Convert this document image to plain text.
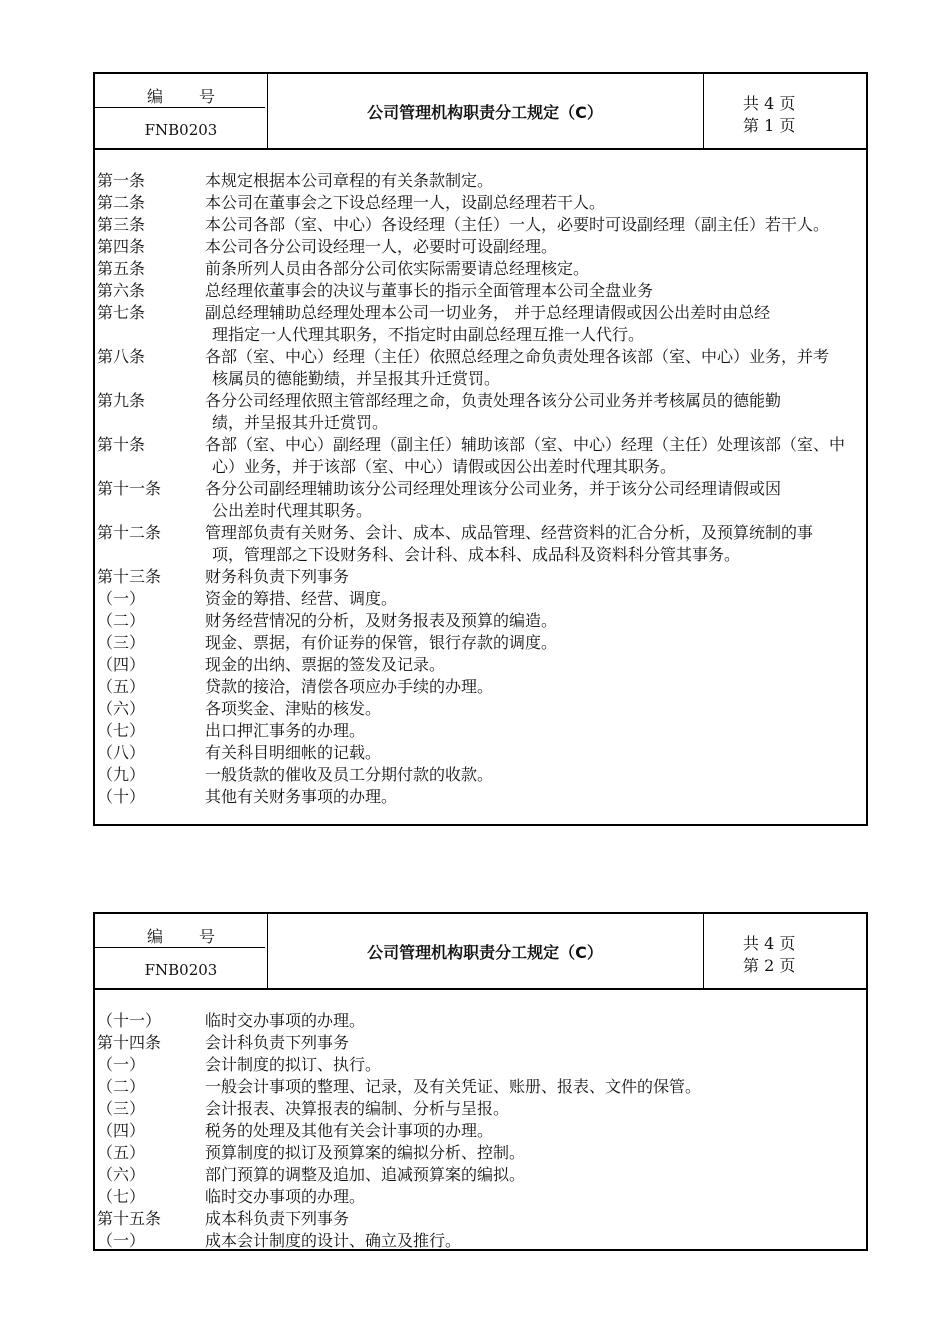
编号
FNB0203
公司管理机构职责分工规定（C）	共 4 页
第 1 页
第一条	本规定根据本公司章程的有关条款制定。
第二条	本公司在董事会之下设总经理一人，设副总经理若干人。
第三条	本公司各部（室、中心）各设经理（主任）一人，必要时可设副经理（副主任）若干人。
第四条	本公司各分公司设经理一人，必要时可设副经理。
第五条	前条所列人员由各部分公司依实际需要请总经理核定。
第六条	总经理依董事会的决议与董事长的指示全面管理本公司全盘业务
第七条	副总经理辅助总经理处理本公司一切业务， 并于总经理请假或因公出差时由总经
理指定一人代理其职务，不指定时由副总经理互推一人代行。
第八条	各部（室、中心）经理（主任）依照总经理之命负责处理各该部（室、中心）业务，并考
核属员的德能勤绩，并呈报其升迁赏罚。
第九条	各分公司经理依照主管部经理之命，负责处理各该分公司业务并考核属员的德能勤
绩，并呈报其升迁赏罚。
第十条	各部（室、中心）副经理（副主任）辅助该部（室、中心）经理（主任）处理该部（室、中
心）业务，并于该部（室、中心）请假或因公出差时代理其职务。
第十一条	各分公司副经理辅助该分公司经理处理该分公司业务，并于该分公司经理请假或因
公出差时代理其职务。
第十二条	管理部负责有关财务、会计、成本、成品管理、经营资料的汇合分析，及预算统制的事
项，管理部之下设财务科、会计科、成本科、成品科及资料科分管其事务。
第十三条	财务科负责下列事务
（一）	资金的筹措、经营、调度。
（二）	财务经营情况的分析，及财务报表及预算的编造。
（三）	现金、票据，有价证券的保管，银行存款的调度。
（四）	现金的出纳、票据的签发及记录。
（五）	贷款的接洽，清偿各项应办手续的办理。
（六）	各项奖金、津贴的核发。
（七）	出口押汇事务的办理。
（八）	有关科目明细帐的记载。
（九）	一般货款的催收及员工分期付款的收款。
（十）	其他有关财务事项的办理。
编号
FNB0203
公司管理机构职责分工规定（C）	共 4 页
第 2 页
（十一）	临时交办事项的办理。
第十四条	会计科负责下列事务
（一）	会计制度的拟订、执行。
（二）	一般会计事项的整理、记录，及有关凭证、账册、报表、文件的保管。
（三）	会计报表、决算报表的编制、分析与呈报。
（四）	税务的处理及其他有关会计事项的办理。
（五）	预算制度的拟订及预算案的编拟分析、控制。
（六）	部门预算的调整及追加、追减预算案的编拟。
（七）	临时交办事项的办理。
第十五条	成本科负责下列事务
（一）	成本会计制度的设计、确立及推行。
